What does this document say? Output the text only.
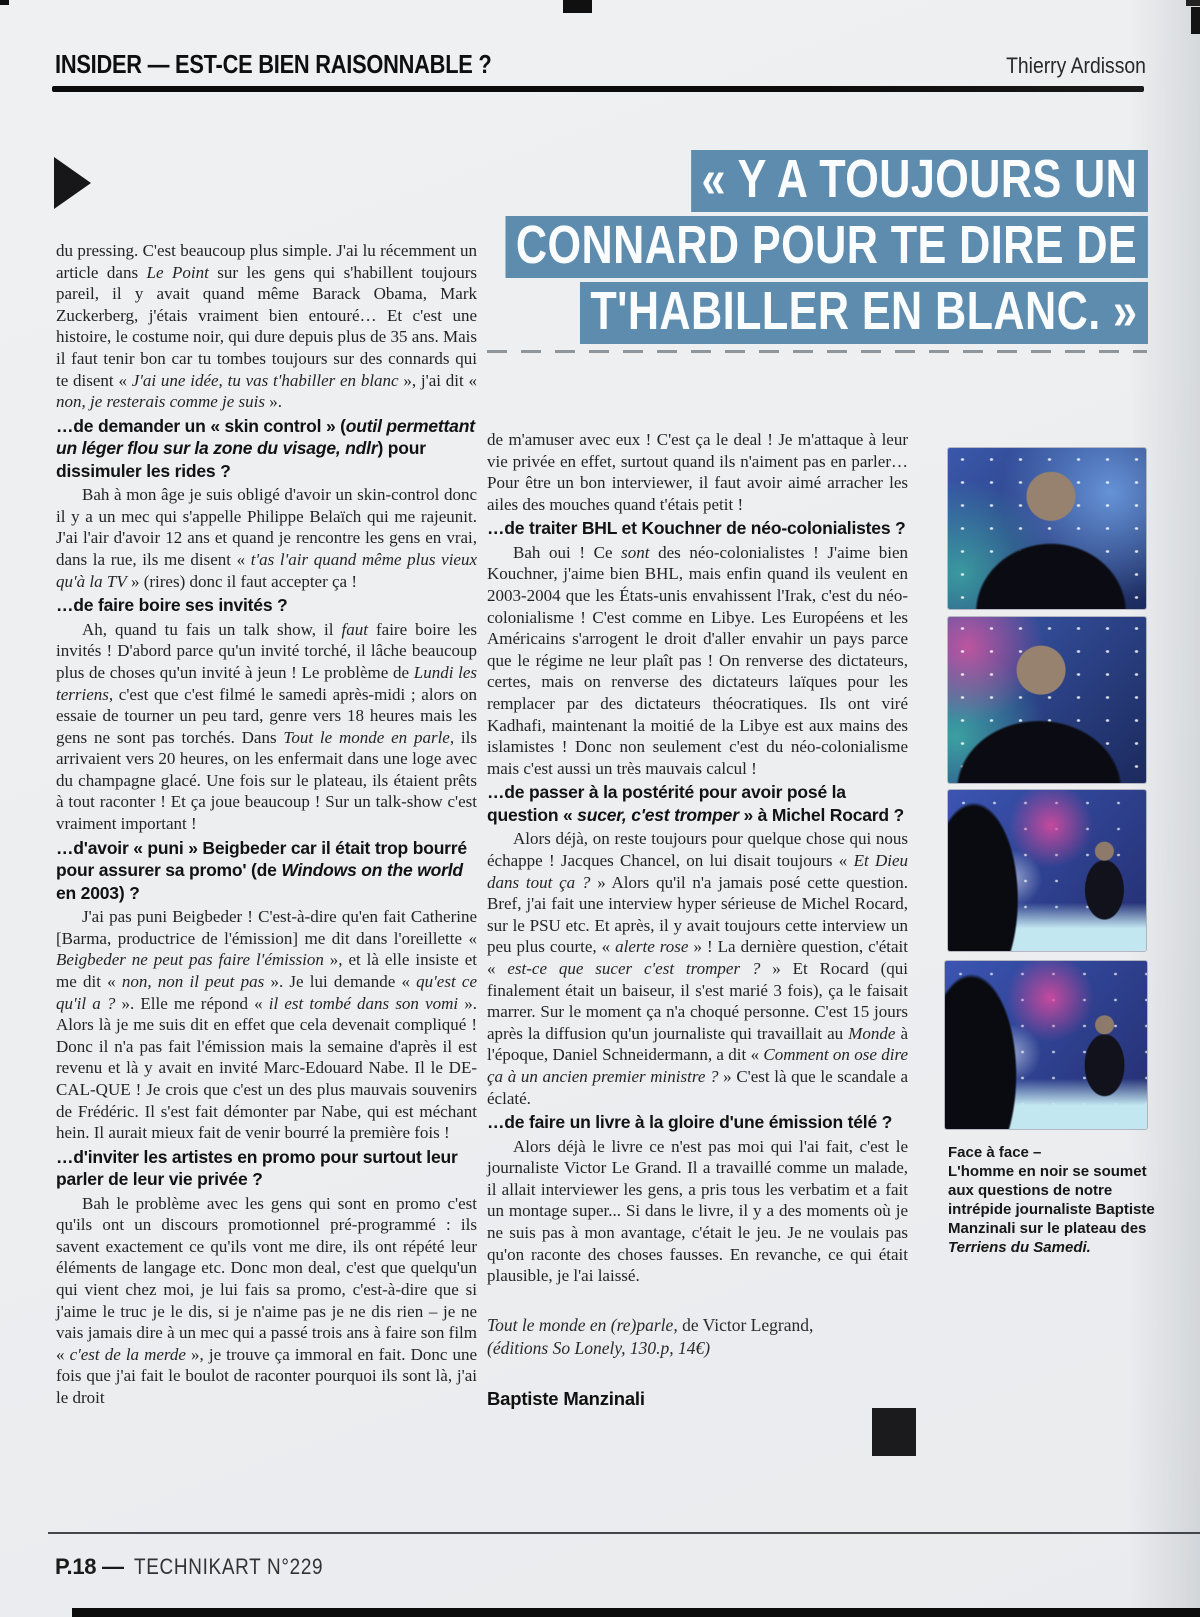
INSIDER — EST-CE BIEN RAISONNABLE ?	Thierry Ardisson
« Y A TOUJOURS UN
CONNARD POUR TE DIRE DE
T'HABILLER EN BLANC. »

du pressing. C'est beaucoup plus simple. J'ai lu récemment un article dans Le Point sur les gens qui s'habillent toujours pareil, il y avait quand même Barack Obama, Mark Zuckerberg, j'étais vraiment bien entouré… Et c'est une histoire, le costume noir, qui dure depuis plus de 35 ans. Mais il faut tenir bon car tu tombes toujours sur des connards qui te disent « J'ai une idée, tu vas t'habiller en blanc », j'ai dit « non, je resterais comme je suis ».

…de demander un « skin control » (outil permettant un léger flou sur la zone du visage, ndlr) pour dissimuler les rides ?

Bah à mon âge je suis obligé d'avoir un skin-control donc il y a un mec qui s'appelle Philippe Belaïch qui me rajeunit. J'ai l'air d'avoir 12 ans et quand je rencontre les gens en vrai, dans la rue, ils me disent « t'as l'air quand même plus vieux qu'à la TV » (rires) donc il faut accepter ça !

…de faire boire ses invités ?

Ah, quand tu fais un talk show, il faut faire boire les invités ! D'abord parce qu'un invité torché, il lâche beaucoup plus de choses qu'un invité à jeun ! Le problème de Lundi les terriens, c'est que c'est filmé le samedi après-midi ; alors on essaie de tourner un peu tard, genre vers 18 heures mais les gens ne sont pas torchés. Dans Tout le monde en parle, ils arrivaient vers 20 heures, on les enfermait dans une loge avec du champagne glacé. Une fois sur le plateau, ils étaient prêts à tout raconter ! Et ça joue beaucoup ! Sur un talk-show c'est vraiment important !

…d'avoir « puni » Beigbeder car il était trop bourré pour assurer sa promo' (de Windows on the world en 2003) ?

J'ai pas puni Beigbeder ! C'est-à-dire qu'en fait Catherine [Barma, productrice de l'émission] me dit dans l'oreillette « Beigbeder ne peut pas faire l'émission », et là elle insiste et me dit « non, non il peut pas ». Je lui demande « qu'est ce qu'il a ? ». Elle me répond « il est tombé dans son vomi ». Alors là je me suis dit en effet que cela devenait compliqué ! Donc il n'a pas fait l'émission mais la semaine d'après il est revenu et là y avait en invité Marc-Edouard Nabe. Il le DE-CAL-QUE ! Je crois que c'est un des plus mauvais souvenirs de Frédéric. Il s'est fait démonter par Nabe, qui est méchant hein. Il aurait mieux fait de venir bourré la première fois !

…d'inviter les artistes en promo pour surtout leur parler de leur vie privée ?

Bah le problème avec les gens qui sont en promo c'est qu'ils ont un discours promotionnel pré-programmé : ils savent exactement ce qu'ils vont me dire, ils ont répété leur éléments de langage etc. Donc mon deal, c'est que quelqu'un qui vient chez moi, je lui fais sa promo, c'est-à-dire que si j'aime le truc je le dis, si je n'aime pas je ne dis rien – je ne vais jamais dire à un mec qui a passé trois ans à faire son film « c'est de la merde », je trouve ça immoral en fait. Donc une fois que j'ai fait le boulot de raconter pourquoi ils sont là, j'ai le droit

de m'amuser avec eux ! C'est ça le deal ! Je m'attaque à leur vie privée en effet, surtout quand ils n'aiment pas en parler… Pour être un bon interviewer, il faut avoir aimé arracher les ailes des mouches quand t'étais petit !

…de traiter BHL et Kouchner de néo-colonialistes ?

Bah oui ! Ce sont des néo-colonialistes ! J'aime bien Kouchner, j'aime bien BHL, mais enfin quand ils veulent en 2003-2004 que les États-unis envahissent l'Irak, c'est du néo-colonialisme ! C'est comme en Libye. Les Européens et les Américains s'arrogent le droit d'aller envahir un pays parce que le régime ne leur plaît pas ! On renverse des dictateurs, certes, mais on renverse des dictateurs laïques pour les remplacer par des dictateurs théocratiques. Ils ont viré Kadhafi, maintenant la moitié de la Libye est aux mains des islamistes ! Donc non seulement c'est du néo-colonialisme mais c'est aussi un très mauvais calcul !

…de passer à la postérité pour avoir posé la question « sucer, c'est tromper » à Michel Rocard ?

Alors déjà, on reste toujours pour quelque chose qui nous échappe ! Jacques Chancel, on lui disait toujours « Et Dieu dans tout ça ? » Alors qu'il n'a jamais posé cette question. Bref, j'ai fait une interview hyper sérieuse de Michel Rocard, sur le PSU etc. Et après, il y avait toujours cette interview un peu plus courte, « alerte rose » ! La dernière question, c'était « est-ce que sucer c'est tromper ? » Et Rocard (qui finalement était un baiseur, il s'est marié 3 fois), ça le faisait marrer. Sur le moment ça n'a choqué personne. C'est 15 jours après la diffusion qu'un journaliste qui travaillait au Monde à l'époque, Daniel Schneidermann, a dit « Comment on ose dire ça à un ancien premier ministre ? » C'est là que le scandale a éclaté.

…de faire un livre à la gloire d'une émission télé ?

Alors déjà le livre ce n'est pas moi qui l'ai fait, c'est le journaliste Victor Le Grand. Il a travaillé comme un malade, il allait interviewer les gens, a pris tous les verbatim et a fait un montage super... Si dans le livre, il y a des moments où je ne suis pas à mon avantage, c'était le jeu. Je ne voulais pas qu'on raconte des choses fausses. En revanche, ce qui était plausible, je l'ai laissé.

Tout le monde en (re)parle, de Victor Legrand,
(éditions So Lonely, 130.p, 14€)

Baptiste Manzinali

Face à face –
L'homme en noir se soumet aux questions de notre intrépide journaliste Baptiste Manzinali sur le plateau des Terriens du Samedi.

P.18 — TECHNIKART N°229
